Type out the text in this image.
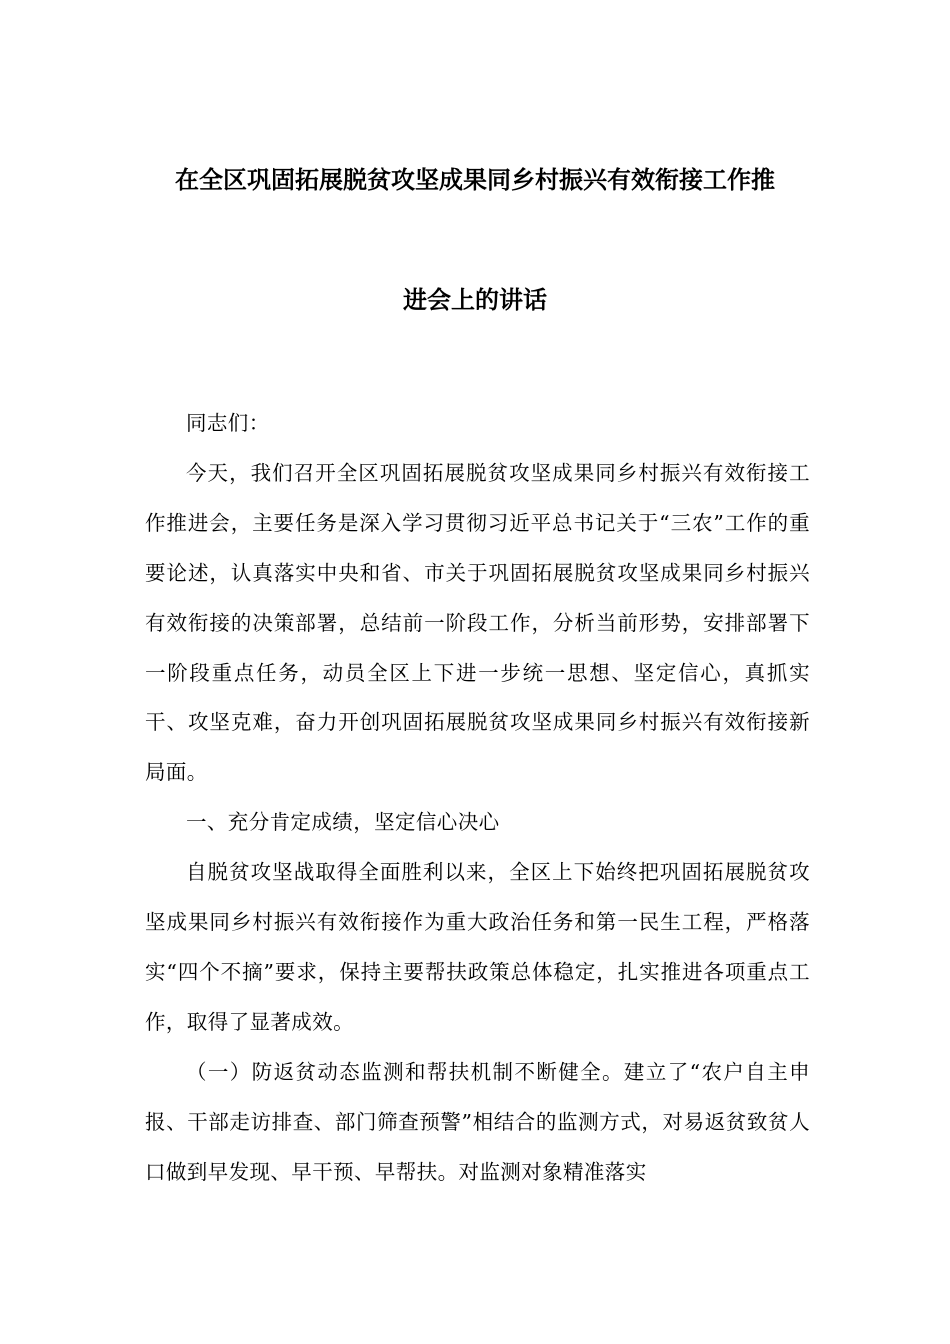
在全区巩固拓展脱贫攻坚成果同乡村振兴有效衔接工作推
进会上的讲话

同志们：

今天，我们召开全区巩固拓展脱贫攻坚成果同乡村振兴有效衔接工作推进会，主要任务是深入学习贯彻习近平总书记关于“三农”工作的重要论述，认真落实中央和省、市关于巩固拓展脱贫攻坚成果同乡村振兴有效衔接的决策部署，总结前一阶段工作，分析当前形势，安排部署下一阶段重点任务，动员全区上下进一步统一思想、坚定信心，真抓实干、攻坚克难，奋力开创巩固拓展脱贫攻坚成果同乡村振兴有效衔接新局面。

一、充分肯定成绩，坚定信心决心

自脱贫攻坚战取得全面胜利以来，全区上下始终把巩固拓展脱贫攻坚成果同乡村振兴有效衔接作为重大政治任务和第一民生工程，严格落实“四个不摘”要求，保持主要帮扶政策总体稳定，扎实推进各项重点工作，取得了显著成效。

（一）防返贫动态监测和帮扶机制不断健全。建立了“农户自主申报、干部走访排查、部门筛查预警”相结合的监测方式，对易返贫致贫人口做到早发现、早干预、早帮扶。对监测对象精准落实
